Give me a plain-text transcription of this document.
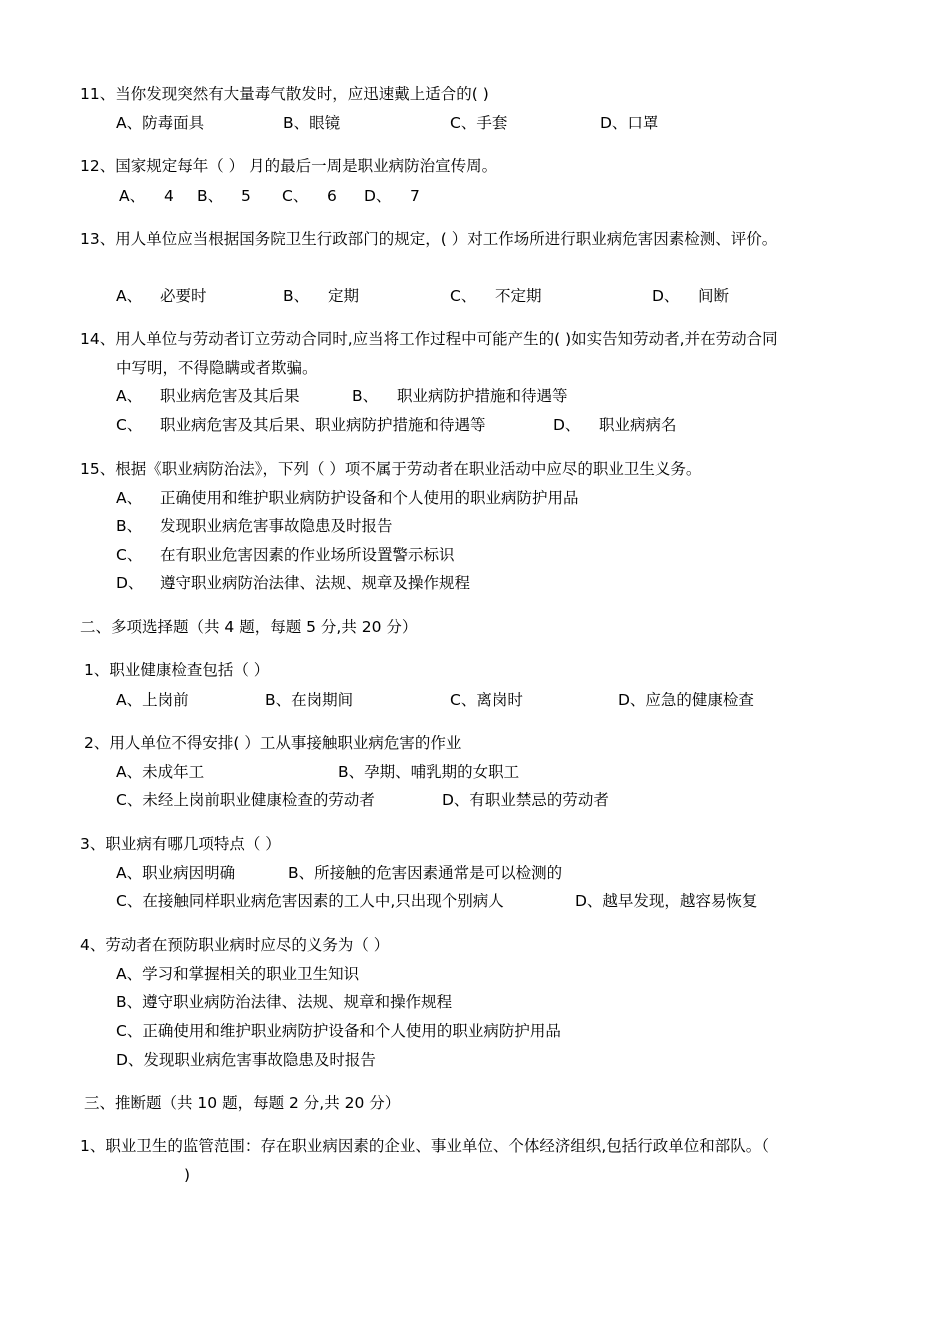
11、当你发现突然有大量毒气散发时，应迅速戴上适合的( )
A、防毒面具	B、眼镜	C、手套	D、口罩
12、国家规定每年（ ） 月的最后一周是职业病防治宣传周。
A、 4 B、 5 C、 6 D、 7
13、用人单位应当根据国务院卫生行政部门的规定，( ）对工作场所进行职业病危害因素检测、评价。
A、 必要时	B、 定期	C、 不定期	D、 间断
14、用人单位与劳动者订立劳动合同时,应当将工作过程中可能产生的( )如实告知劳动者,并在劳动合同
中写明，不得隐瞒或者欺骗。
A、 职业病危害及其后果	B、 职业病防护措施和待遇等
C、 职业病危害及其后果、职业病防护措施和待遇等	D、 职业病病名
15、根据《职业病防治法》，下列（ ）项不属于劳动者在职业活动中应尽的职业卫生义务。
A、 正确使用和维护职业病防护设备和个人使用的职业病防护用品
B、 发现职业病危害事故隐患及时报告
C、 在有职业危害因素的作业场所设置警示标识
D、 遵守职业病防治法律、法规、规章及操作规程
二、多项选择题（共 4 题，每题 5 分,共 20 分）
1、职业健康检查包括（ ）
A、上岗前	B、在岗期间	C、离岗时	D、应急的健康检查
2、用人单位不得安排( ）工从事接触职业病危害的作业
A、未成年工	B、孕期、哺乳期的女职工
C、未经上岗前职业健康检查的劳动者	D、有职业禁忌的劳动者
3、职业病有哪几项特点（ ）
A、职业病因明确	B、所接触的危害因素通常是可以检测的
C、在接触同样职业病危害因素的工人中,只出现个别病人	D、越早发现，越容易恢复
4、劳动者在预防职业病时应尽的义务为（ ）
A、学习和掌握相关的职业卫生知识
B、遵守职业病防治法律、法规、规章和操作规程
C、正确使用和维护职业病防护设备和个人使用的职业病防护用品
D、发现职业病危害事故隐患及时报告
三、推断题（共 10 题，每题 2 分,共 20 分）
1、职业卫生的监管范围：存在职业病因素的企业、事业单位、个体经济组织,包括行政单位和部队。（
)
